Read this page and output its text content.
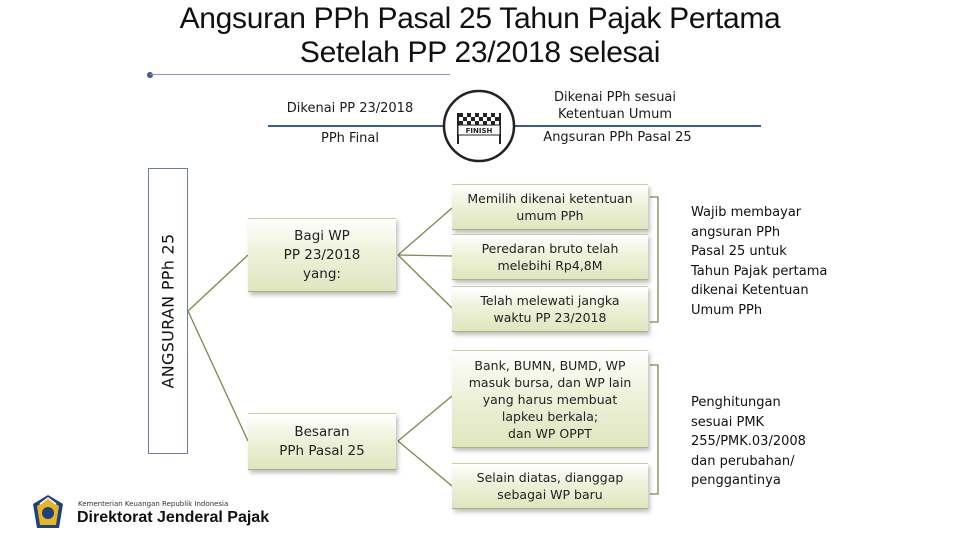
Angsuran PPh Pasal 25 Tahun Pajak Pertama
Setelah PP 23/2018 selesai
Dikenai PP 23/2018
PPh Final
Dikenai PPh sesuai
Ketentuan Umum
Angsuran PPh Pasal 25
FINISH
ANGSURAN PPh 25	Bagi WP
PP 23/2018
yang:
Besaran
PPh Pasal 25
Memilih dikenai ketentuan
umum PPh
Peredaran bruto telah
melebihi Rp4,8M
Telah melewati jangka
waktu PP 23/2018
Bank, BUMN, BUMD, WP
masuk bursa, dan WP lain
yang harus membuat
lapkeu berkala;
dan WP OPPT
Selain diatas, dianggap
sebagai WP baru
Wajib membayar
angsuran PPh
Pasal 25 untuk
Tahun Pajak pertama
dikenai Ketentuan
Umum PPh
Penghitungan
sesuai PMK
255/PMK.03/2008
dan perubahan/
penggantinya
Kementerian Keuangan Republik Indonesia
Direktorat Jenderal Pajak
